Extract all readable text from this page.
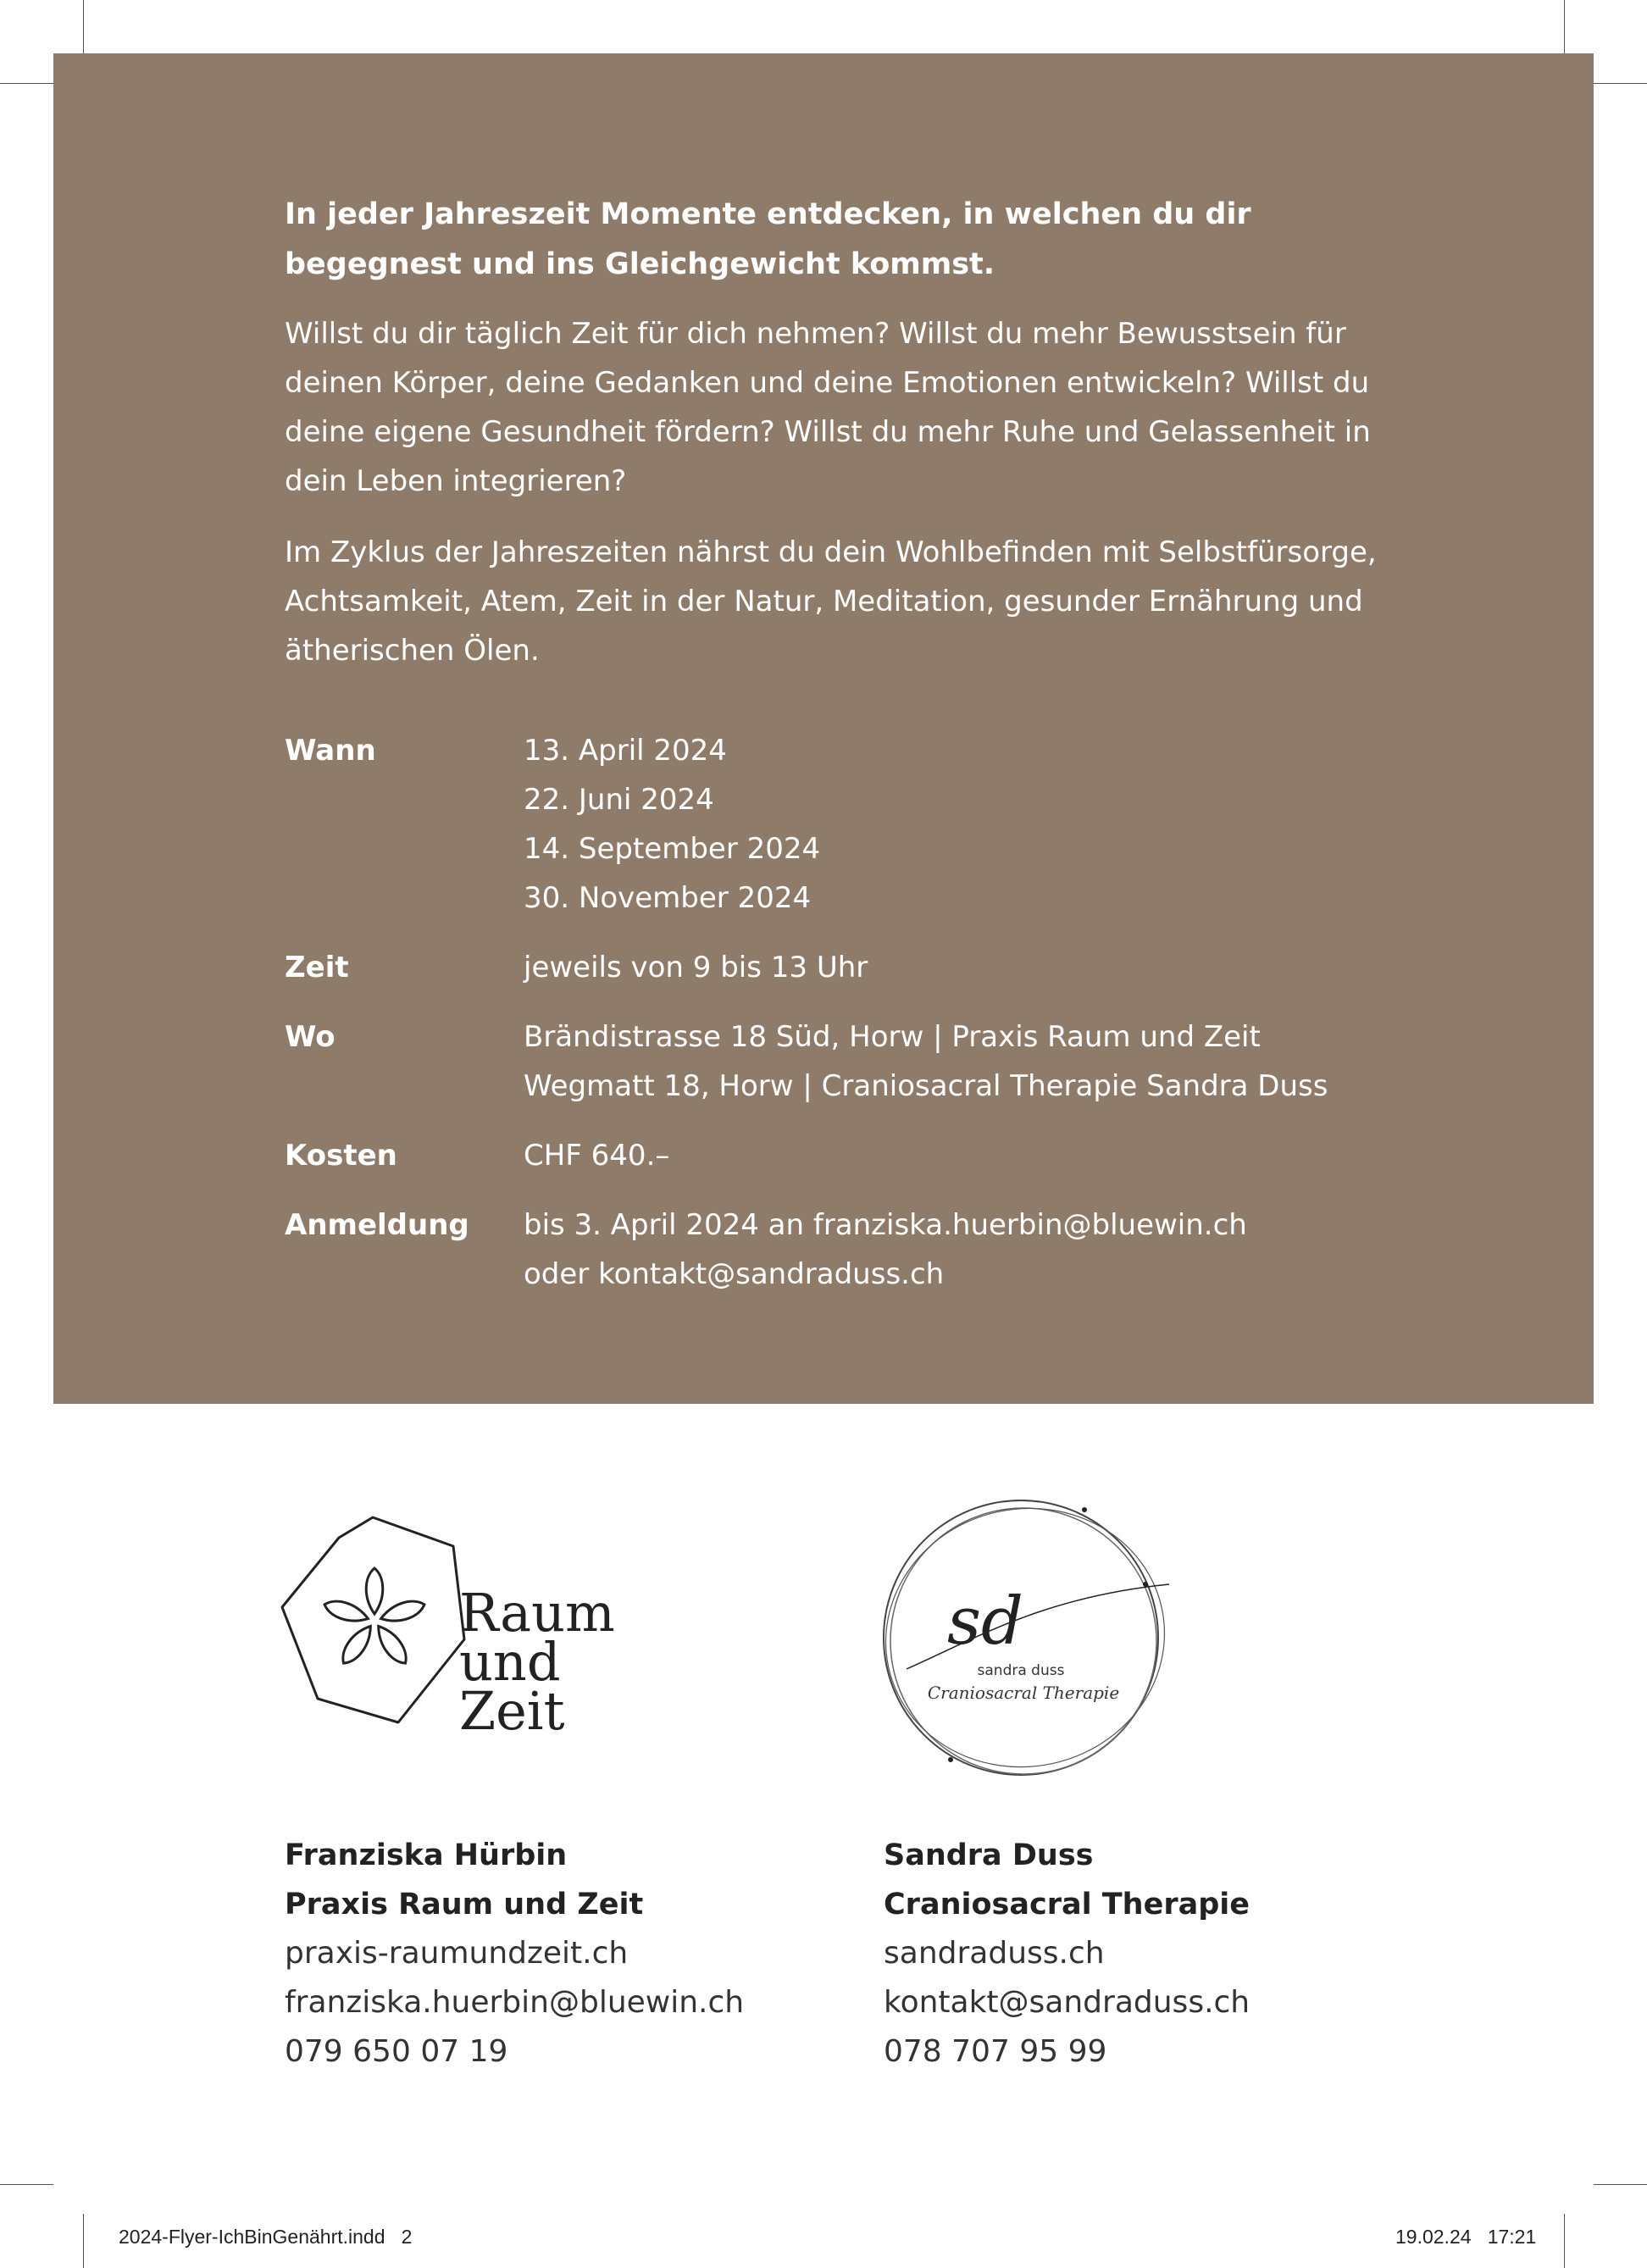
In jeder Jahreszeit Momente entdecken, in welchen du dir begegnest und ins Gleichgewicht kommst.

Willst du dir täglich Zeit für dich nehmen? Willst du mehr Bewusstsein für deinen Körper, deine Gedanken und deine Emotionen entwickeln? Willst du deine eigene Gesundheit fördern? Willst du mehr Ruhe und Gelassenheit in dein Leben integrieren?

Im Zyklus der Jahreszeiten nährst du dein Wohlbefinden mit Selbstfürsorge, Achtsamkeit, Atem, Zeit in der Natur, Meditation, gesunder Ernährung und ätherischen Ölen.

Wann	13. April 2024
22. Juni 2024
14. September 2024
30. November 2024
Zeit	jeweils von 9 bis 13 Uhr
Wo	Brändistrasse 18 Süd, Horw | Praxis Raum und Zeit
Wegmatt 18, Horw | Craniosacral Therapie Sandra Duss
Kosten	CHF 640.–
Anmeldung	bis 3. April 2024 an franziska.huerbin@bluewin.ch
oder kontakt@sandraduss.ch
Raum
und
Zeit
sd
sandra duss
Craniosacral Therapie
Franziska Hürbin
Praxis Raum und Zeit
praxis-raumundzeit.ch
franziska.huerbin@bluewin.ch
079 650 07 19
Sandra Duss
Craniosacral Therapie
sandraduss.ch
kontakt@sandraduss.ch
078 707 95 99
2024-Flyer-IchBinGenährt.indd   2	19.02.24   17:21
